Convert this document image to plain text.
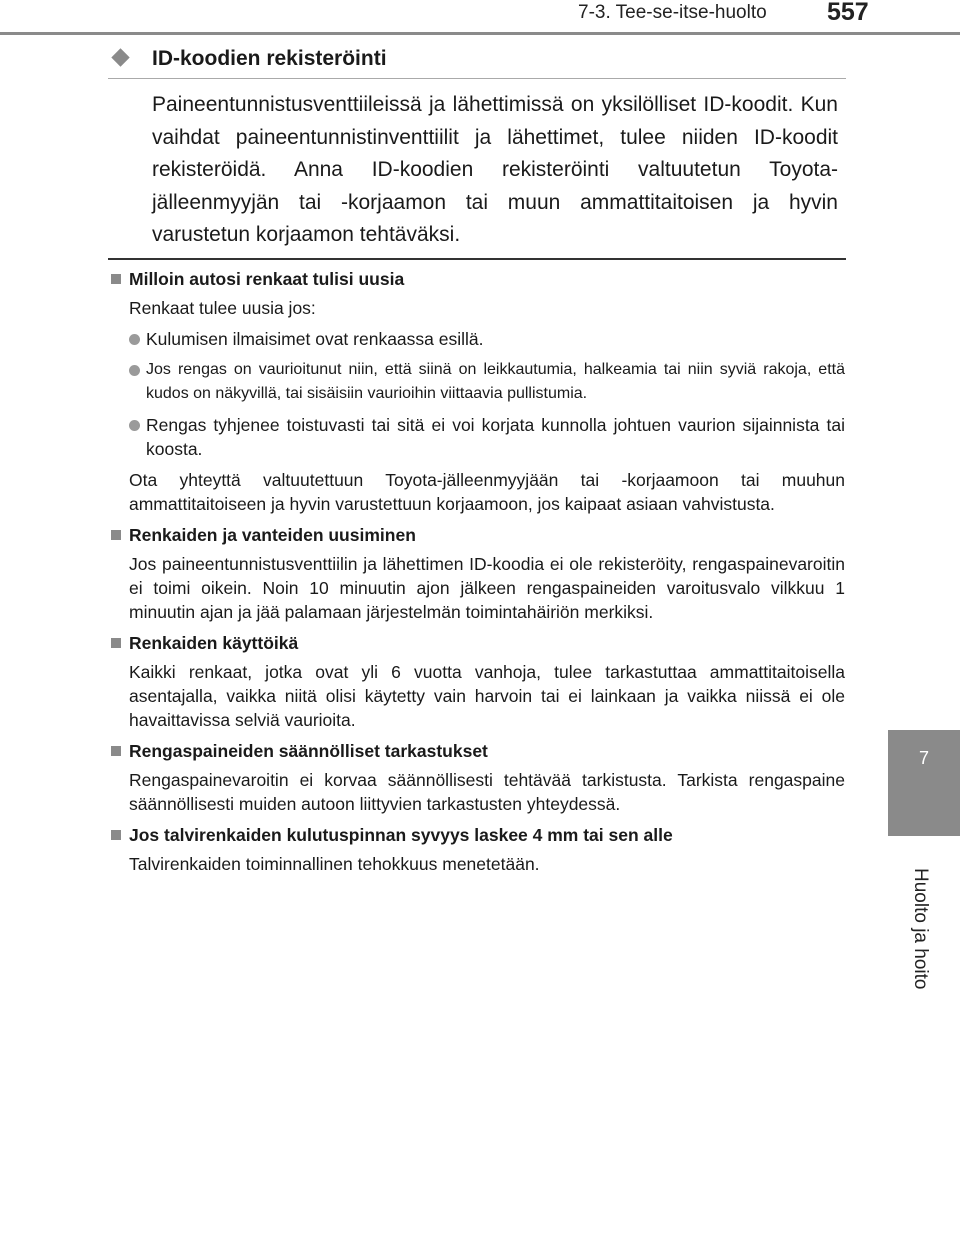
7-3. Tee-se-itse-huolto 557
7
Huolto ja hoito
ID-koodien rekisteröinti

Paineentunnistusventtiileissä ja lähettimissä on yksilölliset ID-koodit. Kun vaihdat paineentunnistinventtiilit ja lähettimet, tulee niiden ID-koodit rekisteröidä. Anna ID-koodien rekisteröinti valtuutetun Toyota-jälleenmyyjän tai -korjaamon tai muun ammattitaitoisen ja hyvin varustetun korjaamon tehtäväksi.

Milloin autosi renkaat tulisi uusia

Renkaat tulee uusia jos:

Kulumisen ilmaisimet ovat renkaassa esillä.
Jos rengas on vaurioitunut niin, että siinä on leikkautumia, halkeamia tai niin syviä rakoja, että kudos on näkyvillä, tai sisäisiin vaurioihin viittaavia pullistumia.
Rengas tyhjenee toistuvasti tai sitä ei voi korjata kunnolla johtuen vaurion sijainnista tai koosta.

Ota yhteyttä valtuutettuun Toyota-jälleenmyyjään tai -korjaamoon tai muuhun ammattitaitoiseen ja hyvin varustettuun korjaamoon, jos kaipaat asiaan vahvistusta.

Renkaiden ja vanteiden uusiminen

Jos paineentunnistusventtiilin ja lähettimen ID-koodia ei ole rekisteröity, rengaspainevaroitin ei toimi oikein. Noin 10 minuutin ajon jälkeen rengaspaineiden varoitusvalo vilkkuu 1 minuutin ajan ja jää palamaan järjestelmän toimintahäiriön merkiksi.

Renkaiden käyttöikä

Kaikki renkaat, jotka ovat yli 6 vuotta vanhoja, tulee tarkastuttaa ammattitaitoisella asentajalla, vaikka niitä olisi käytetty vain harvoin tai ei lainkaan ja vaikka niissä ei ole havaittavissa selviä vaurioita.

Rengaspaineiden säännölliset tarkastukset

Rengaspainevaroitin ei korvaa säännöllisesti tehtävää tarkistusta. Tarkista rengaspaine säännöllisesti muiden autoon liittyvien tarkastusten yhteydessä.

Jos talvirenkaiden kulutuspinnan syvyys laskee 4 mm tai sen alle

Talvirenkaiden toiminnallinen tehokkuus menetetään.
